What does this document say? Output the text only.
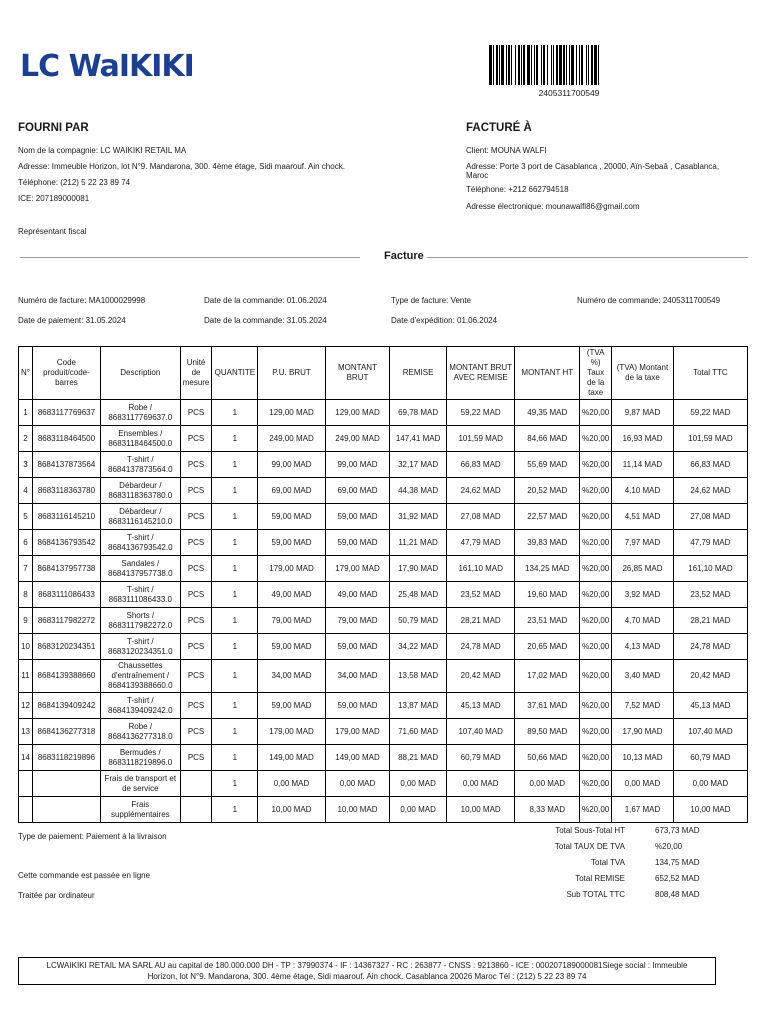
LC WaIKIKI
2405311700549
FOURNI PAR
Nom de la compagnie: LC WAIKIKI RETAIL MA
Adresse: Immeuble Horizon, lot N°9. Mandarona, 300. 4ème étage, Sidi maarouf. Ain chock.
Téléphone: (212) 5 22 23 89 74
ICE: 207189000081
Représentant fiscal
FACTURÉ À
Client: MOUNA WALFI
Adresse: Porte 3 port de Casablanca , 20000, Aïn-Sebaâ , Casablanca,
Maroc
Téléphone: +212 662794518
Adresse électronique: mounawalfi86@gmail.com
Facture
Numéro de facture: MA1000029998	Date de la commande: 01.06.2024	Type de facture: Vente	Numéro de commande: 2405311700549
Date de paiement: 31.05.2024	Date de la commande: 31.05.2024	Date d'expédition: 01.06.2024
N°	Code produit/code-barres	Description	Unité de mesure	QUANTITE	P.U. BRUT	MONTANT BRUT	REMISE	MONTANT BRUT AVEC REMISE	MONTANT HT	(TVA %) Taux de la taxe	(TVA) Montant de la taxe	Total TTC
1	8683117769637	Robe / 8683117769637.0	PCS	1	129,00 MAD	129,00 MAD	69,78 MAD	59,22 MAD	49,35 MAD	%20,00	9,87 MAD	59,22 MAD
2	8683118464500	Ensembles / 8683118464500.0	PCS	1	249,00 MAD	249,00 MAD	147,41 MAD	101,59 MAD	84,66 MAD	%20,00	16,93 MAD	101,59 MAD
3	8684137873564	T-shirt / 8684137873564.0	PCS	1	99,00 MAD	99,00 MAD	32,17 MAD	66,83 MAD	55,69 MAD	%20,00	11,14 MAD	66,83 MAD
4	8683118363780	Débardeur / 8683118363780.0	PCS	1	69,00 MAD	69,00 MAD	44,38 MAD	24,62 MAD	20,52 MAD	%20,00	4,10 MAD	24,62 MAD
5	8683116145210	Débardeur / 8683116145210.0	PCS	1	59,00 MAD	59,00 MAD	31,92 MAD	27,08 MAD	22,57 MAD	%20,00	4,51 MAD	27,08 MAD
6	8684136793542	T-shirt / 8684136793542.0	PCS	1	59,00 MAD	59,00 MAD	11,21 MAD	47,79 MAD	39,83 MAD	%20,00	7,97 MAD	47,79 MAD
7	8684137957738	Sandales / 8684137957738.0	PCS	1	179,00 MAD	179,00 MAD	17,90 MAD	161,10 MAD	134,25 MAD	%20,00	26,85 MAD	161,10 MAD
8	8683111086433	T-shirt / 8683111086433.0	PCS	1	49,00 MAD	49,00 MAD	25,48 MAD	23,52 MAD	19,60 MAD	%20,00	3,92 MAD	23,52 MAD
9	8683117982272	Shorts / 8683117982272.0	PCS	1	79,00 MAD	79,00 MAD	50,79 MAD	28,21 MAD	23,51 MAD	%20,00	4,70 MAD	28,21 MAD
10	8683120234351	T-shirt / 8683120234351.0	PCS	1	59,00 MAD	59,00 MAD	34,22 MAD	24,78 MAD	20,65 MAD	%20,00	4,13 MAD	24,78 MAD
11	8684139388660	Chaussettes d'entraînement / 8684139388660.0	PCS	1	34,00 MAD	34,00 MAD	13,58 MAD	20,42 MAD	17,02 MAD	%20,00	3,40 MAD	20,42 MAD
12	8684139409242	T-shirt / 8684139409242.0	PCS	1	59,00 MAD	59,00 MAD	13,87 MAD	45,13 MAD	37,61 MAD	%20,00	7,52 MAD	45,13 MAD
13	8684136277318	Robe / 8684136277318.0	PCS	1	179,00 MAD	179,00 MAD	71,60 MAD	107,40 MAD	89,50 MAD	%20,00	17,90 MAD	107,40 MAD
14	8683118219896	Bermudes / 8683118219896.0	PCS	1	149,00 MAD	149,00 MAD	88,21 MAD	60,79 MAD	50,66 MAD	%20,00	10,13 MAD	60,79 MAD
		Frais de transport et de service		1	0,00 MAD	0,00 MAD	0,00 MAD	0,00 MAD	0,00 MAD	%20,00	0,00 MAD	0,00 MAD
		Frais supplémentaires		1	10,00 MAD	10,00 MAD	0,00 MAD	10,00 MAD	8,33 MAD	%20,00	1,67 MAD	10,00 MAD
Type de paiement: Paiement à la livraison
Cette commande est passée en ligne
Traitée par ordinateur
Total Sous-Total HT	673,73 MAD
Total TAUX DE TVA	%20,00
Total TVA	134,75 MAD
Total REMISE	652,52 MAD
Sub TOTAL TTC	808,48 MAD
LCWAIKIKI RETAIL MA SARL AU au capital de 180.000.000 DH - TP : 37990374 - IF : 14367327 - RC : 263877 - CNSS : 9213860 - ICE : 000207189000081Siege social : Immeuble
Horizon, lot N°9. Mandarona, 300. 4ème étage, Sidi maarouf. Ain chock. Casablanca 20026 Maroc Tél : (212) 5 22 23 89 74
